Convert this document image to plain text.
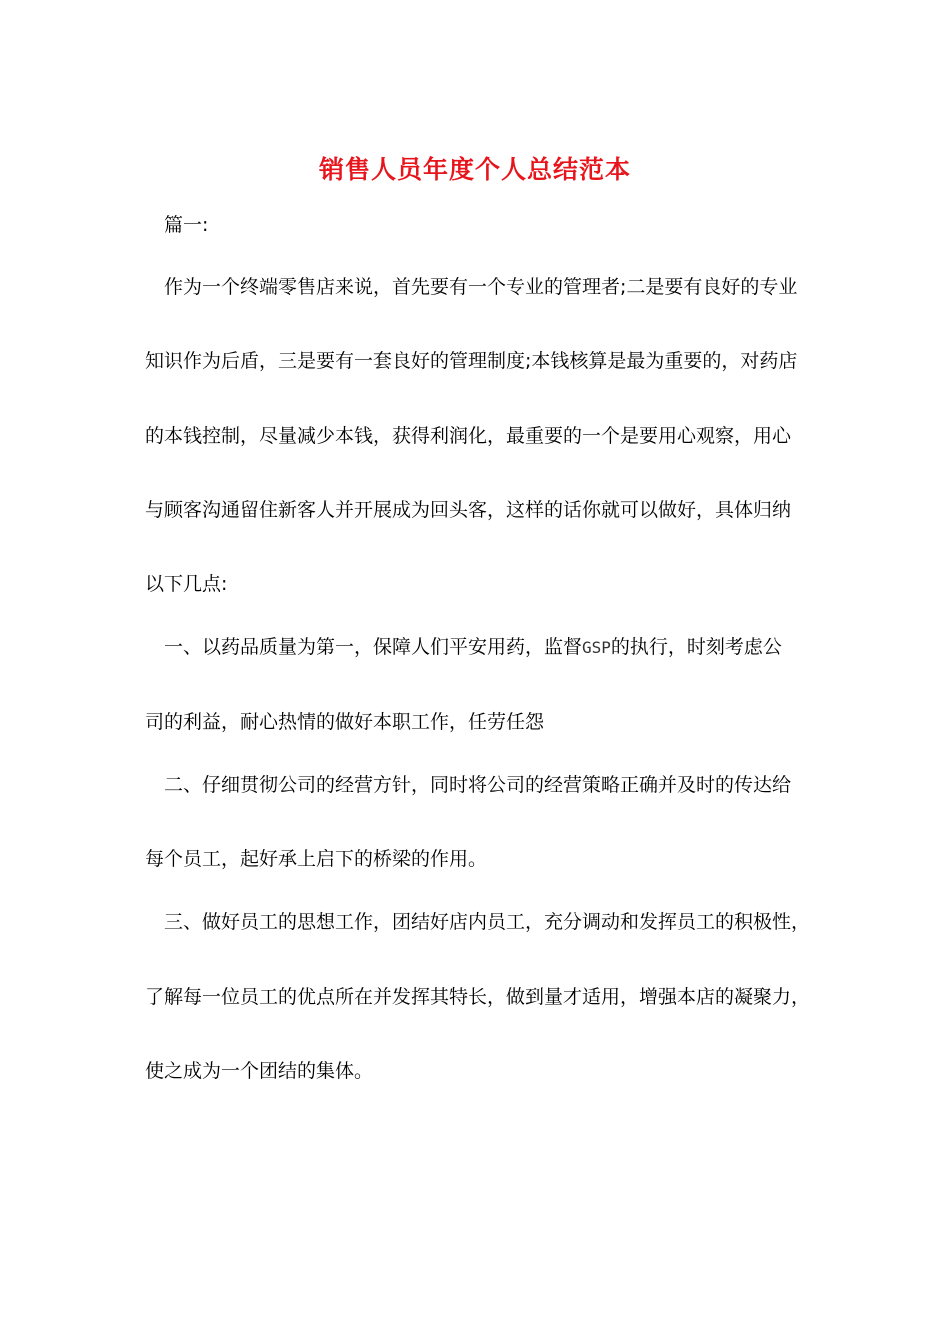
销售人员年度个人总结范本
篇一:
作为一个终端零售店来说，首先要有一个专业的管理者;二是要有良好的专业
知识作为后盾，三是要有一套良好的管理制度;本钱核算是最为重要的，对药店
的本钱控制，尽量减少本钱，获得利润化，最重要的一个是要用心观察，用心
与顾客沟通留住新客人并开展成为回头客，这样的话你就可以做好，具体归纳
以下几点:
一、以药品质量为第一，保障人们平安用药，监督GSP的执行，时刻考虑公
司的利益，耐心热情的做好本职工作，任劳任怨
二、仔细贯彻公司的经营方针，同时将公司的经营策略正确并及时的传达给
每个员工，起好承上启下的桥梁的作用。
三、做好员工的思想工作，团结好店内员工，充分调动和发挥员工的积极性，
了解每一位员工的优点所在并发挥其特长，做到量才适用，增强本店的凝聚力，
使之成为一个团结的集体。
